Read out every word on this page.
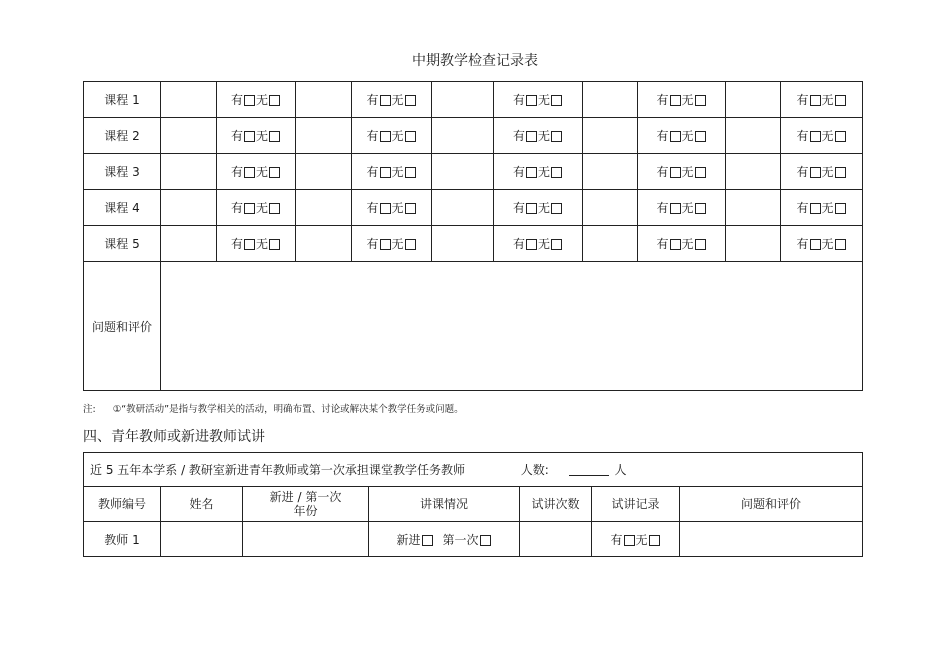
中期教学检查记录表
课程 1		有 无		有 无		有 无		有 无		有 无
课程 2		有 无		有 无		有 无		有 无		有 无
课程 3		有 无		有 无		有 无		有 无		有 无
课程 4		有 无		有 无		有 无		有 无		有 无
课程 5		有 无		有 无		有 无		有 无		有 无
问题和评价										
注: ①“教研活动”是指与教学相关的活动，明确布置、讨论或解决某个教学任务或问题。
四、青年教师或新进教师试讲
近 5 五年本学系 / 教研室新进青年教师或第一次承担课堂教学任务教师 人数: 人						
教师编号	姓名	新进 / 第一次
年份	讲课情况	试讲次数	试讲记录	问题和评价
教师 1			新进 第一次		有 无	
